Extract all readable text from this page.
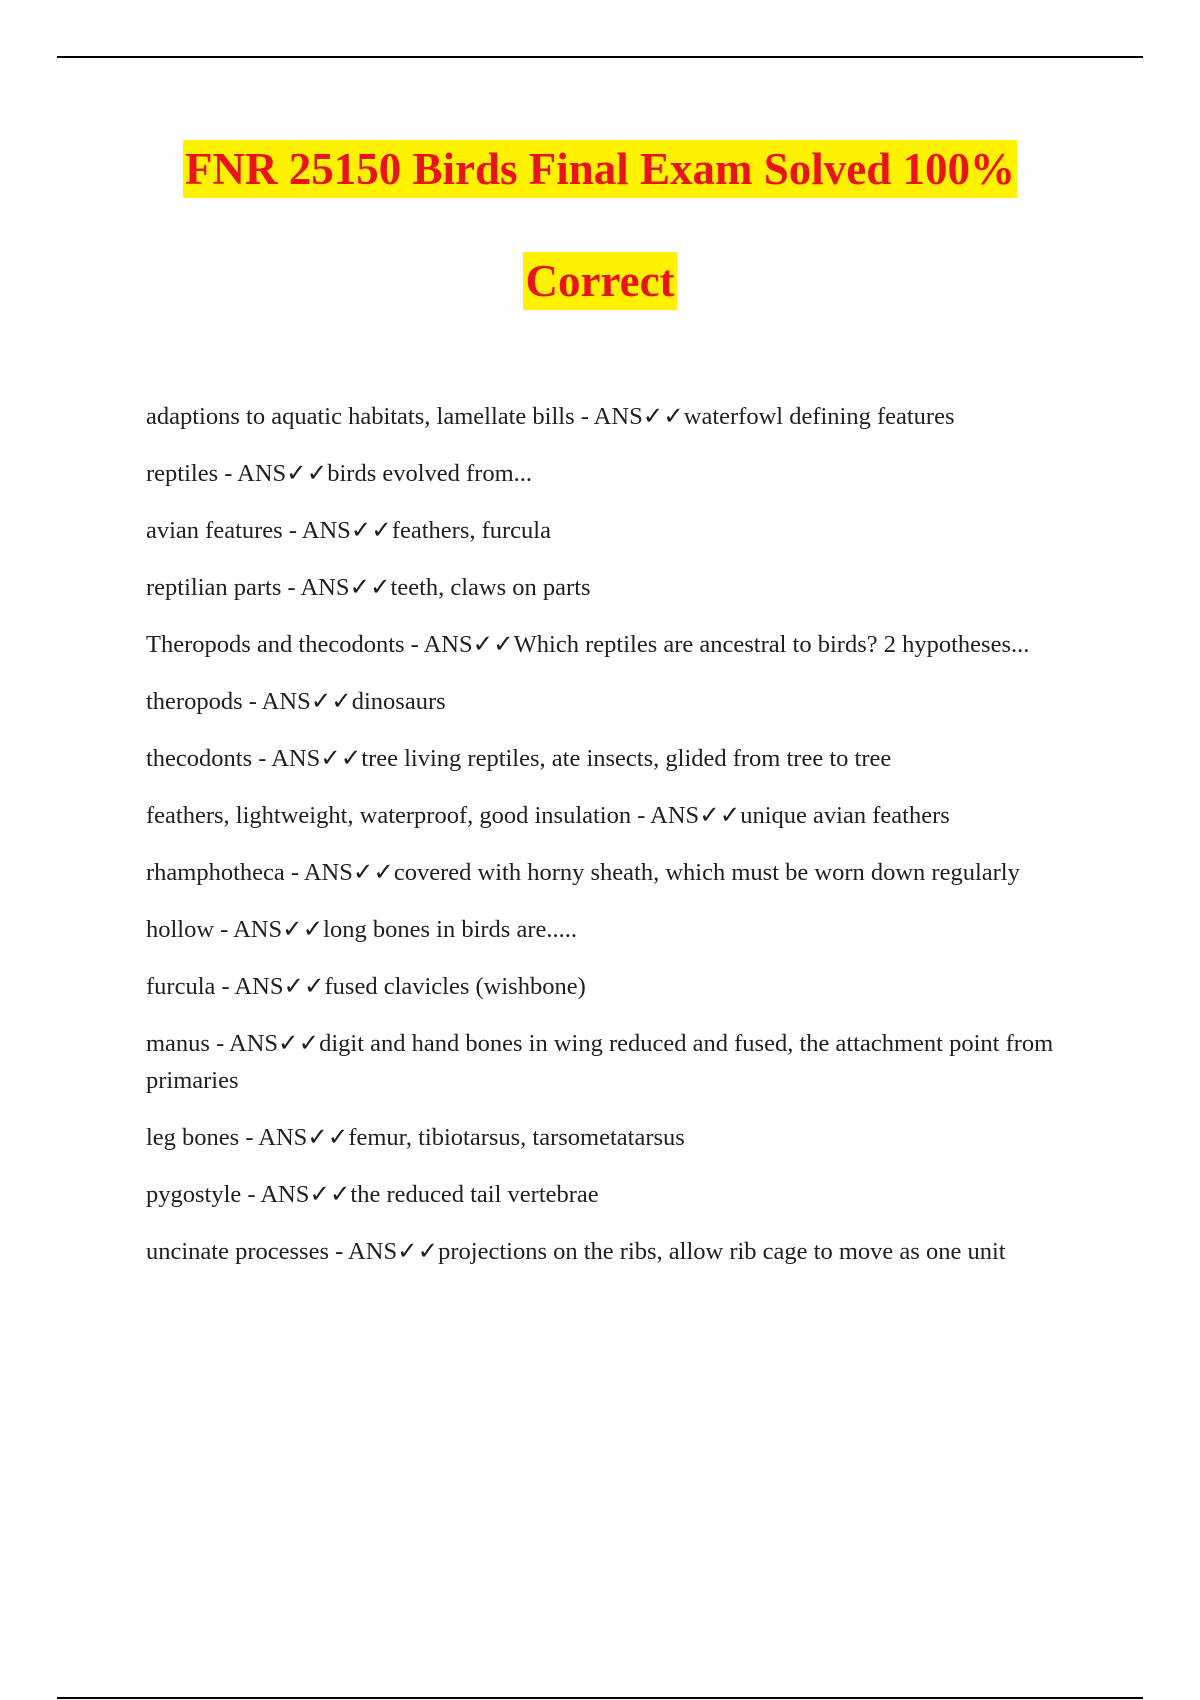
FNR 25150 Birds Final Exam Solved 100%
Correct
adaptions to aquatic habitats, lamellate bills - ANS✓✓waterfowl defining features
reptiles - ANS✓✓birds evolved from...
avian features - ANS✓✓feathers, furcula
reptilian parts - ANS✓✓teeth, claws on parts
Theropods and thecodonts - ANS✓✓Which reptiles are ancestral to birds? 2 hypotheses...
theropods - ANS✓✓dinosaurs
thecodonts - ANS✓✓tree living reptiles, ate insects, glided from tree to tree
feathers, lightweight, waterproof, good insulation - ANS✓✓unique avian feathers
rhamphotheca - ANS✓✓covered with horny sheath, which must be worn down regularly
hollow - ANS✓✓long bones in birds are.....
furcula - ANS✓✓fused clavicles (wishbone)
manus - ANS✓✓digit and hand bones in wing reduced and fused, the attachment point from primaries
leg bones - ANS✓✓femur, tibiotarsus, tarsometatarsus
pygostyle - ANS✓✓the reduced tail vertebrae
uncinate processes - ANS✓✓projections on the ribs, allow rib cage to move as one unit
